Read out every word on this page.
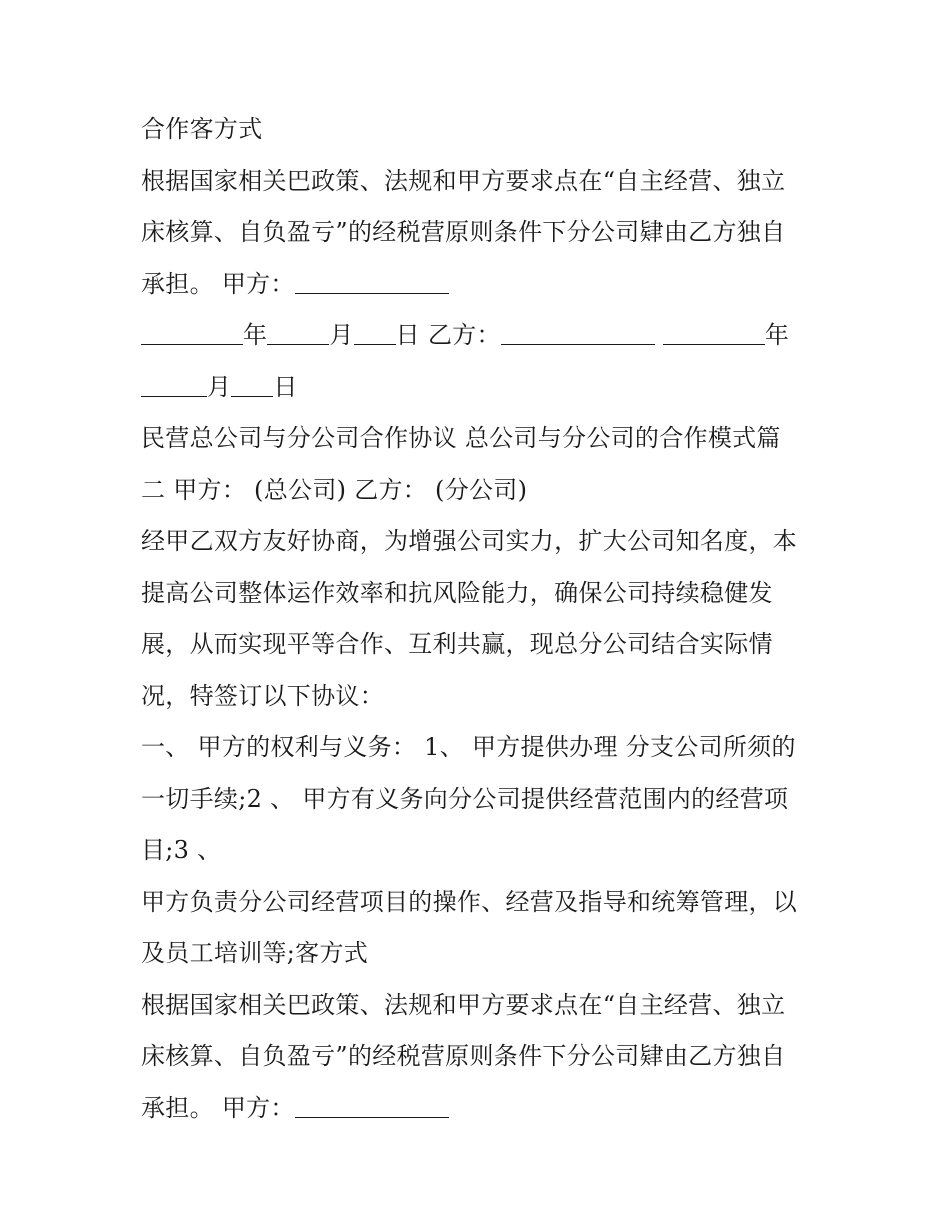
合作客方式
根据国家相关巴政策、法规和甲方要求点在“自主经营、独立
床核算、自负盈亏”的经税营原则条件下分公司肄由乙方独自
承担。 甲方：
年	月 日 乙方：	年
月 日
民营总公司与分公司合作协议 总公司与分公司的合作模式篇
二 甲方： (总公司) 乙方： (分公司)
经甲乙双方友好协商，为增强公司实力，扩大公司知名度，本
提高公司整体运作效率和抗风险能力，确保公司持续稳健发
展，从而实现平等合作、互利共赢，现总分公司结合实际情
况，特签订以下协议：
一、 甲方的权利与义务： 1、 甲方提供办理 分支公司所须的
一切手续;2 、 甲方有义务向分公司提供经营范围内的经营项
目;3 、
甲方负责分公司经营项目的操作、经营及指导和统筹管理，以
及员工培训等;客方式
根据国家相关巴政策、法规和甲方要求点在“自主经营、独立
床核算、自负盈亏”的经税营原则条件下分公司肄由乙方独自
承担。 甲方：
